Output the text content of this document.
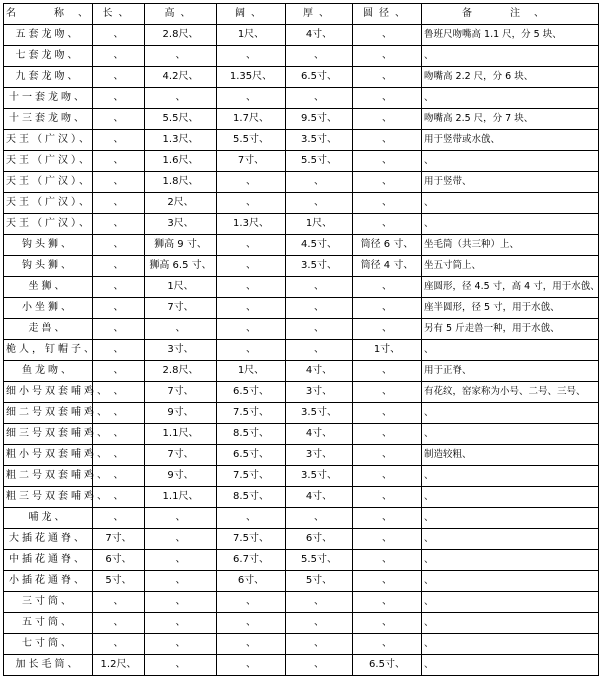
名　称、	长、	高、	阔、	厚、	圆径、	备　注、
五套龙吻、	、	2.8尺、	1尺、	4寸、	、	鲁班尺吻嘴高 1.1 尺，分 5 块、
七套龙吻、	、	、	、	、	、	、
九套龙吻、	、	4.2尺、	1.35尺、	6.5寸、	、	吻嘴高 2.2 尺，分 6 块、
十一套龙吻、	、	、	、	、	、	、
十三套龙吻、	、	5.5尺、	1.7尺、	9.5寸、	、	吻嘴高 2.5 尺，分 7 块、
天王（广汉）、	、	1.3尺、	5.5寸、	3.5寸、	、	用于竖带或水戗、
天王（广汉）、	、	1.6尺、	7寸、	5.5寸、	、	、
天王（广汉）、	、	1.8尺、	、	、	、	用于竖带、
天王（广汉）、	、	2尺、	、	、	、	、
天王（广汉）、	、	3尺、	1.3尺、	1尺、	、	、
钩头狮、	、	狮高 9 寸、	、	4.5寸、	筒径 6 寸、	坐毛筒（共三种）上、
钩头狮、	、	狮高 6.5 寸、	、	3.5寸、	筒径 4 寸、	坐五寸筒上、
坐狮、	、	1尺、	、	、	、	座圆形，径 4.5 寸，高 4 寸，用于水戗、
小坐狮、	、	7寸、	、	、	、	座半圆形，径 5 寸，用于水戗、
走兽、	、	、	、	、	、	另有 5 斤走兽一种，用于水戗、
桅人，钉帽子、	、	3寸、	、	、	1寸、	、
鱼龙吻、	、	2.8尺、	1尺、	4寸、	、	用于正脊、
细小号双套哺鸡、	、	7寸、	6.5寸、	3寸、	、	有花纹，窑家称为小号、二号、三号、
细二号双套哺鸡、	、	9寸、	7.5寸、	3.5寸、	、	、
细三号双套哺鸡、	、	1.1尺、	8.5寸、	4寸、	、	、
粗小号双套哺鸡、	、	7寸、	6.5寸、	3寸、	、	制造较粗、
粗二号双套哺鸡、	、	9寸、	7.5寸、	3.5寸、	、	、
粗三号双套哺鸡、	、	1.1尺、	8.5寸、	4寸、	、	、
哺龙、	、	、	、	、	、	、
大插花通脊、	7寸、	、	7.5寸、	6寸、	、	、
中插花通脊、	6寸、	、	6.7寸、	5.5寸、	、	、
小插花通脊、	5寸、	、	6寸、	5寸、	、	、
三寸筒、	、	、	、	、	、	、
五寸筒、	、	、	、	、	、	、
七寸筒、	、	、	、	、	、	、
加长毛筒、	1.2尺、	、	、	、	6.5寸、	、
